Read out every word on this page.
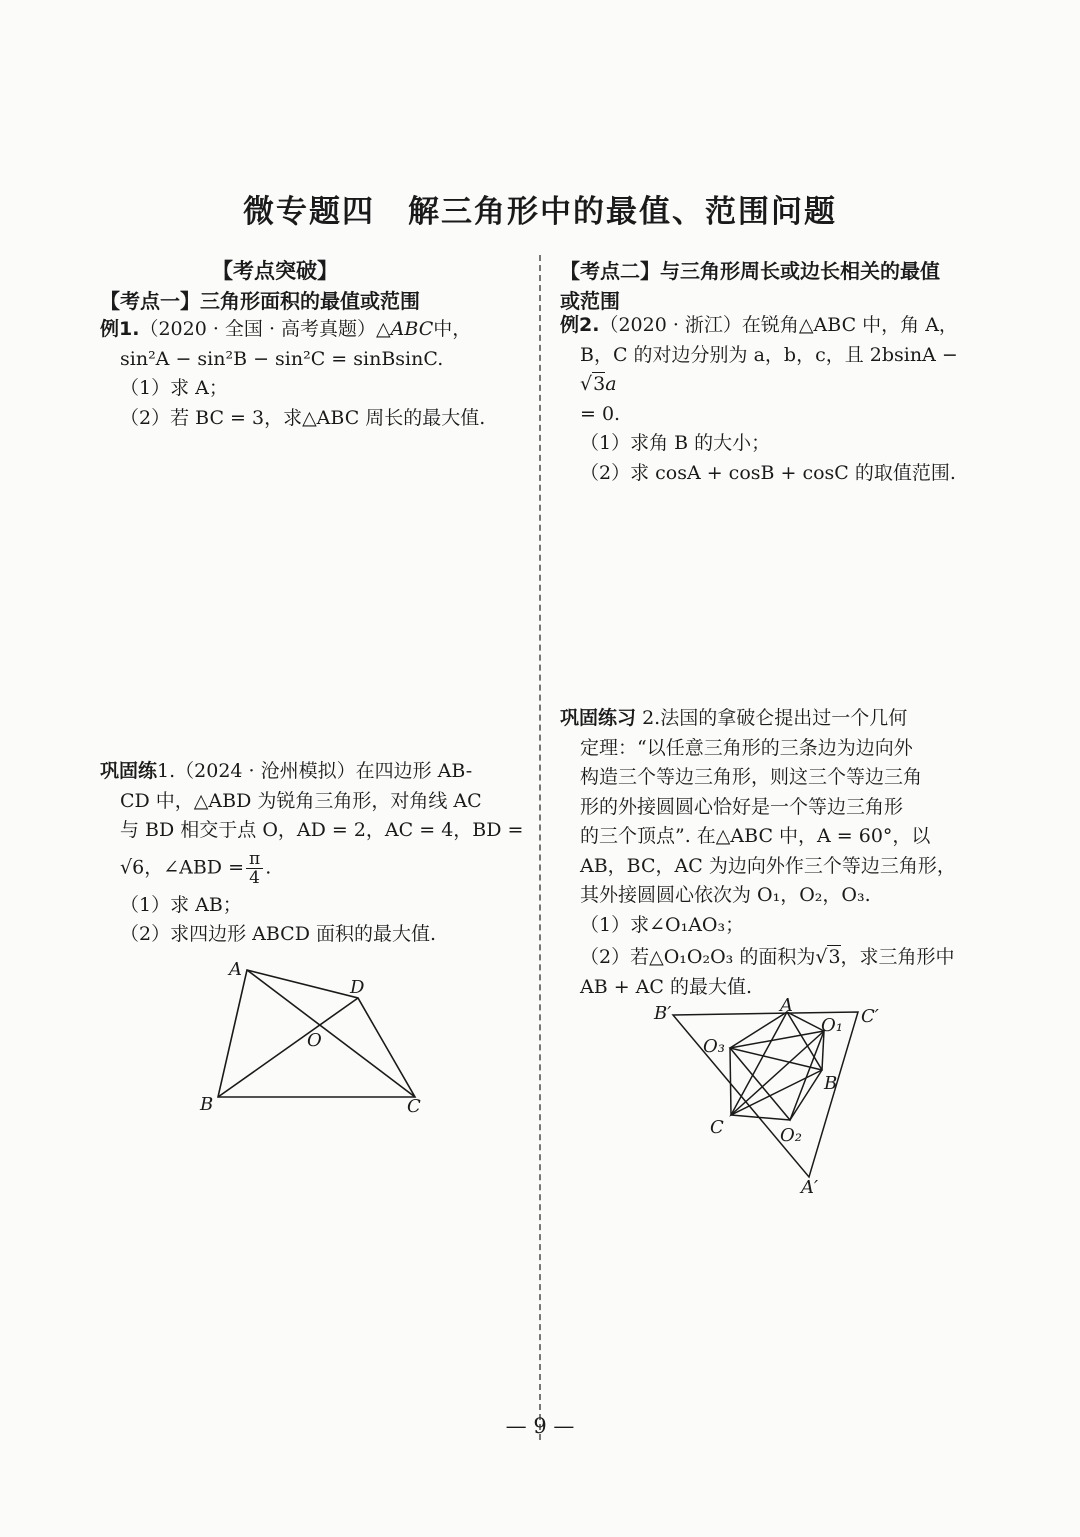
微专题四　解三角形中的最值、范围问题
【考点突破】
【考点一】三角形面积的最值或范围

例1.（2020 · 全国 · 高考真题）△ABC中，

sin²A − sin²B − sin²C = sinBsinC.

（1）求 A；

（2）若 BC = 3，求△ABC 周长的最大值.

巩固练1.（2024 · 沧州模拟）在四边形 AB-

CD 中，△ABD 为锐角三角形，对角线 AC

与 BD 相交于点 O，AD = 2，AC = 4，BD =

√6，∠ABD = $\frac{\pi}{4}$ .

（1）求 AB；

（2）求四边形 ABCD 面积的最大值.

A
D
O
B	C
【考点二】与三角形周长或边长相关的最值
或范围

例2.（2020 · 浙江）在锐角△ABC 中，角 A，

B，C 的对边分别为 a，b，c，且 2bsinA − √3a

= 0.

（1）求角 B 的大小；

（2）求 cosA + cosB + cosC 的取值范围.

巩固练习 2.法国的拿破仑提出过一个几何

定理：“以任意三角形的三条边为边向外

构造三个等边三角形，则这三个等边三角

形的外接圆圆心恰好是一个等边三角形

的三个顶点”. 在△ABC 中，A = 60°，以

AB，BC，AC 为边向外作三个等边三角形，

其外接圆圆心依次为 O₁，O₂，O₃.

（1）求∠O₁AO₃；

（2）若△O₁O₂O₃ 的面积为√3，求三角形中

AB + AC 的最大值.

B′	A
O₁ C′
O₃
B
C	O₂
A′
— 9 —
